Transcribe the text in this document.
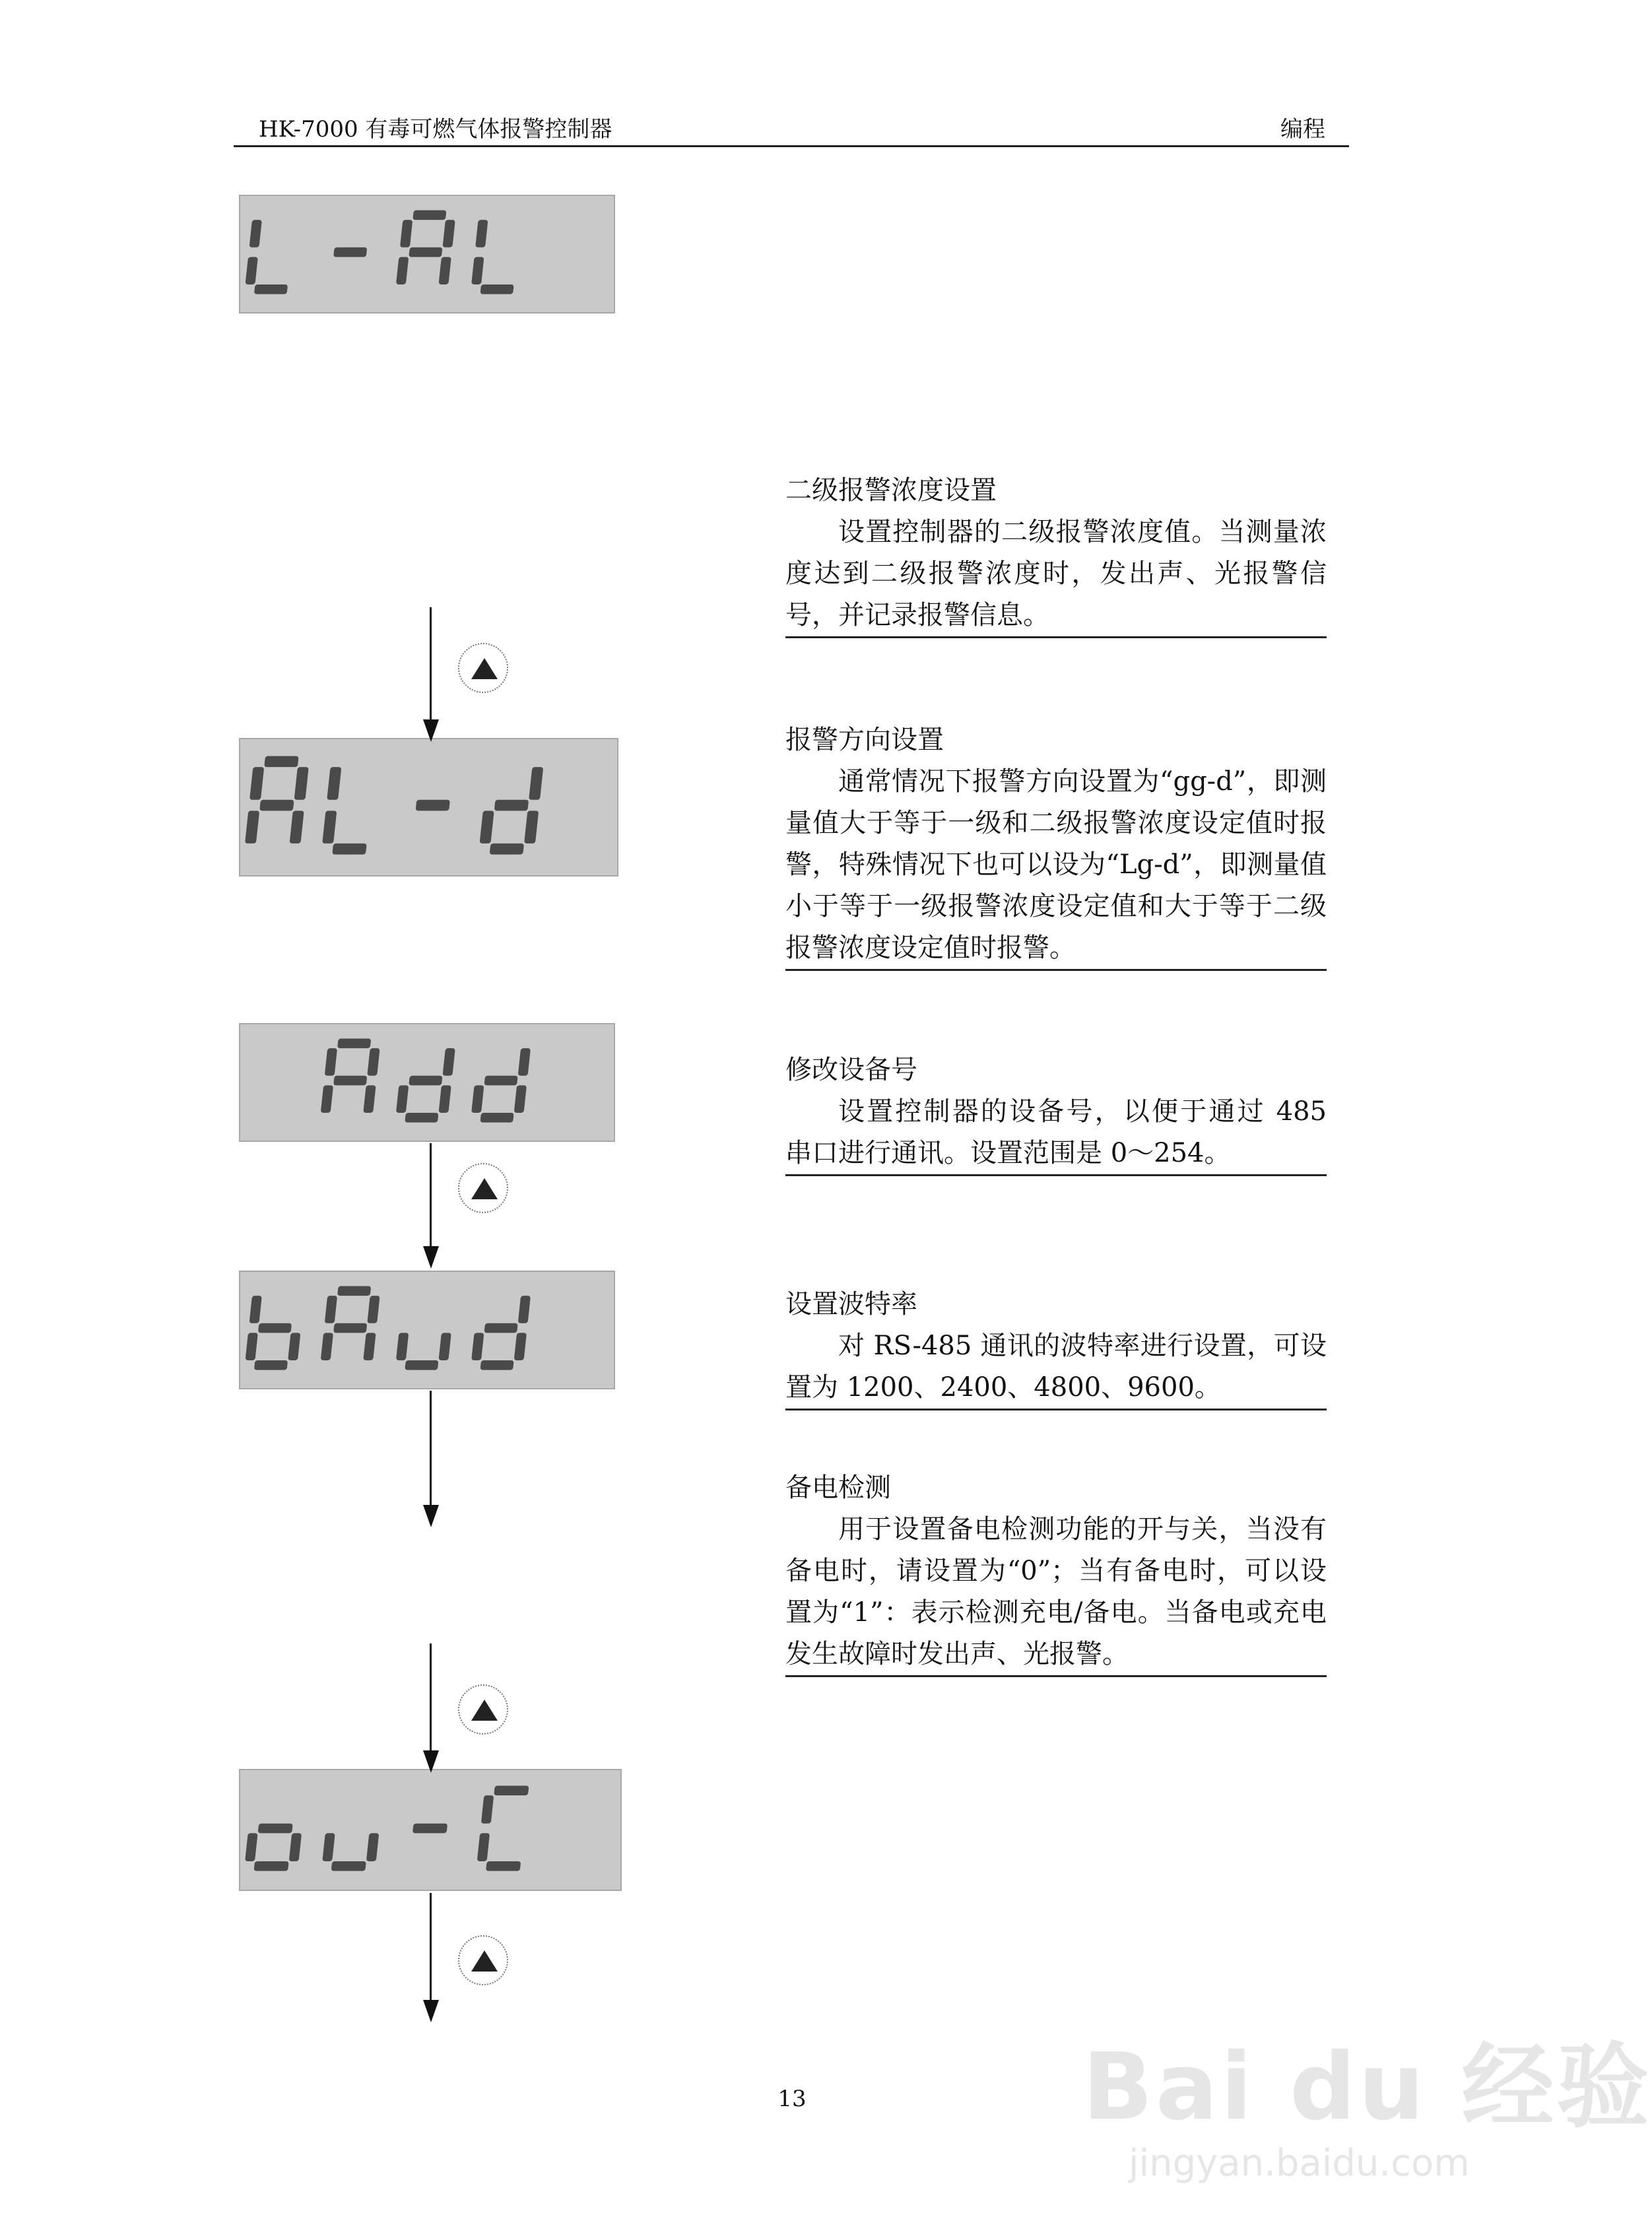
HK-7000 有毒可燃气体报警控制器	编程
二级报警浓度设置
设置控制器的二级报警浓度值。当测量浓度达到二级报警浓度时，发出声、光报警信号，并记录报警信息。
报警方向设置
通常情况下报警方向设置为“gg-d”，即测量值大于等于一级和二级报警浓度设定值时报警，特殊情况下也可以设为“Lg-d”，即测量值小于等于一级报警浓度设定值和大于等于二级报警浓度设定值时报警。
修改设备号
设置控制器的设备号，以便于通过 485 串口进行通讯。设置范围是 0～254。
设置波特率
对 RS-485 通讯的波特率进行设置，可设置为 1200、2400、4800、9600。
备电检测
用于设置备电检测功能的开与关，当没有备电时，请设置为“0”；当有备电时，可以设置为“1”：表示检测充电/备电。当备电或充电发生故障时发出声、光报警。
13	Bai du 经验
jingyan.baidu.com
